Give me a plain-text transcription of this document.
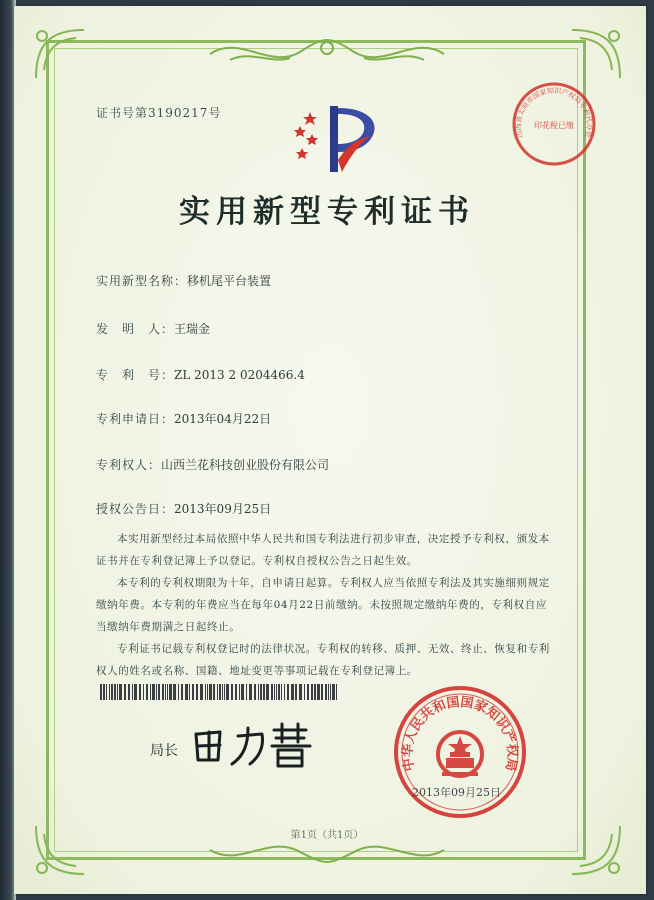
证书号第3190217号
实用新型专利证书
实用新型名称：移机尾平台装置
发　明　人：王瑞金
专　利　号：ZL 2013 2 0204466.4
专利申请日：2013年04月22日
专利权人：山西兰花科技创业股份有限公司
授权公告日：2013年09月25日

本实用新型经过本局依照中华人民共和国专利法进行初步审查，决定授予专利权，颁发本证书并在专利登记簿上予以登记。专利权自授权公告之日起生效。

本专利的专利权期限为十年，自申请日起算。专利权人应当依照专利法及其实施细则规定缴纳年费。本专利的年费应当在每年04月22日前缴纳。未按照规定缴纳年费的，专利权自应当缴纳年费期满之日起终止。

专利证书记载专利权登记时的法律状况。专利权的转移、质押、无效、终止、恢复和专利权人的姓名或名称、国籍、地址变更等事项记载在专利登记簿上。

局长
中华人民共和国国家知识产权局
2013年09月25日
山西省太原市国家知识产权局专利代办处
印花税已缴
第1页（共1页）
